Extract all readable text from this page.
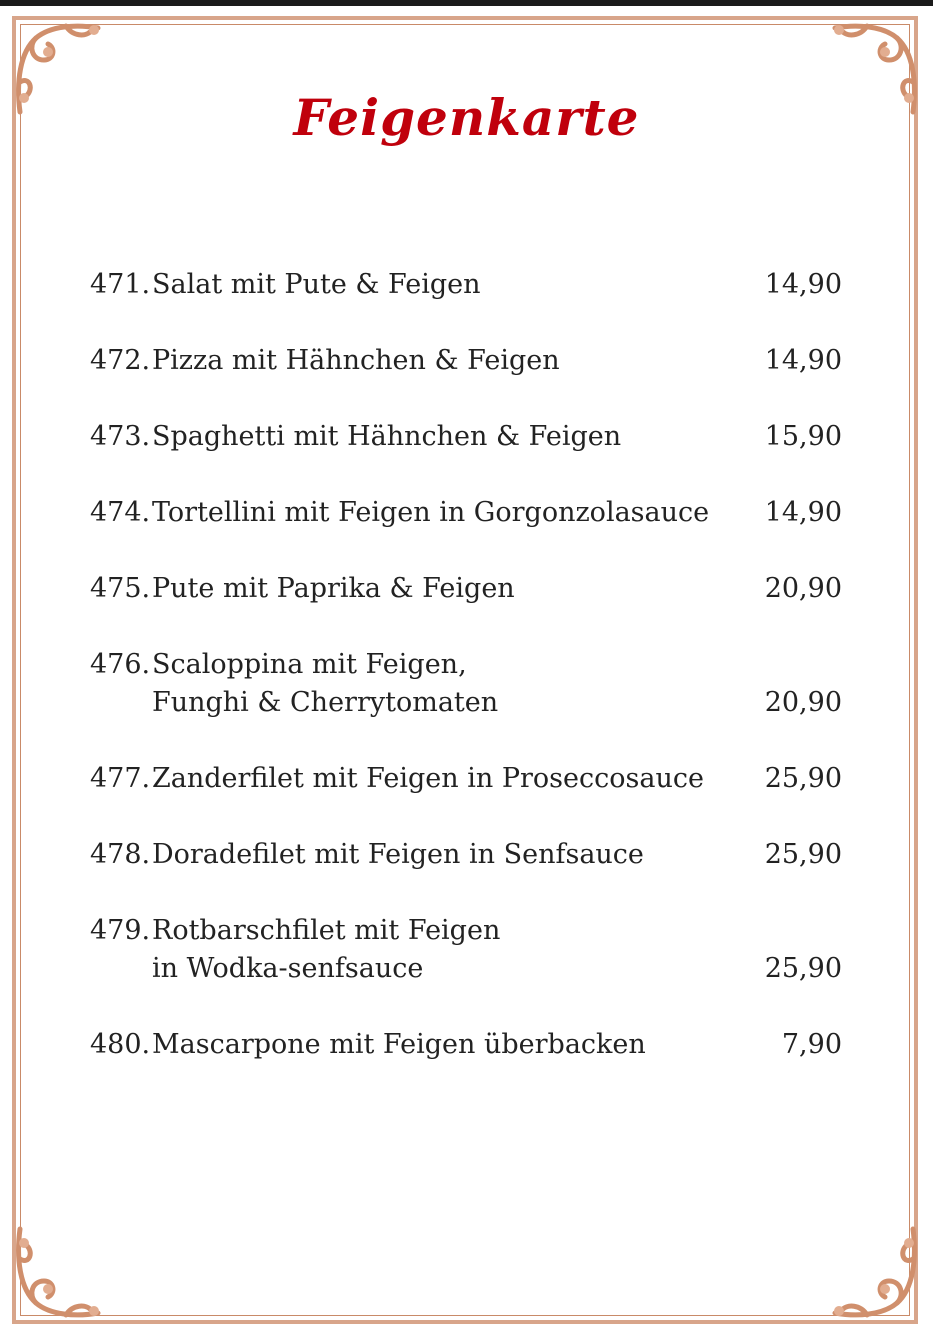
Feigenkarte
471. Salat mit Pute & Feigen	14,90
472. Pizza mit Hähnchen & Feigen	14,90
473. Spaghetti mit Hähnchen & Feigen	15,90
474. Tortellini mit Feigen in Gorgonzolasauce	14,90
475. Pute mit Paprika & Feigen	20,90
476. Scaloppina mit Feigen,
Funghi & Cherrytomaten	20,90
477. Zanderfilet mit Feigen in Proseccosauce	25,90
478. Doradefilet mit Feigen in Senfsauce	25,90
479. Rotbarschfilet mit Feigen
in Wodka-senfsauce	25,90
480. Mascarpone mit Feigen überbacken	7,90
